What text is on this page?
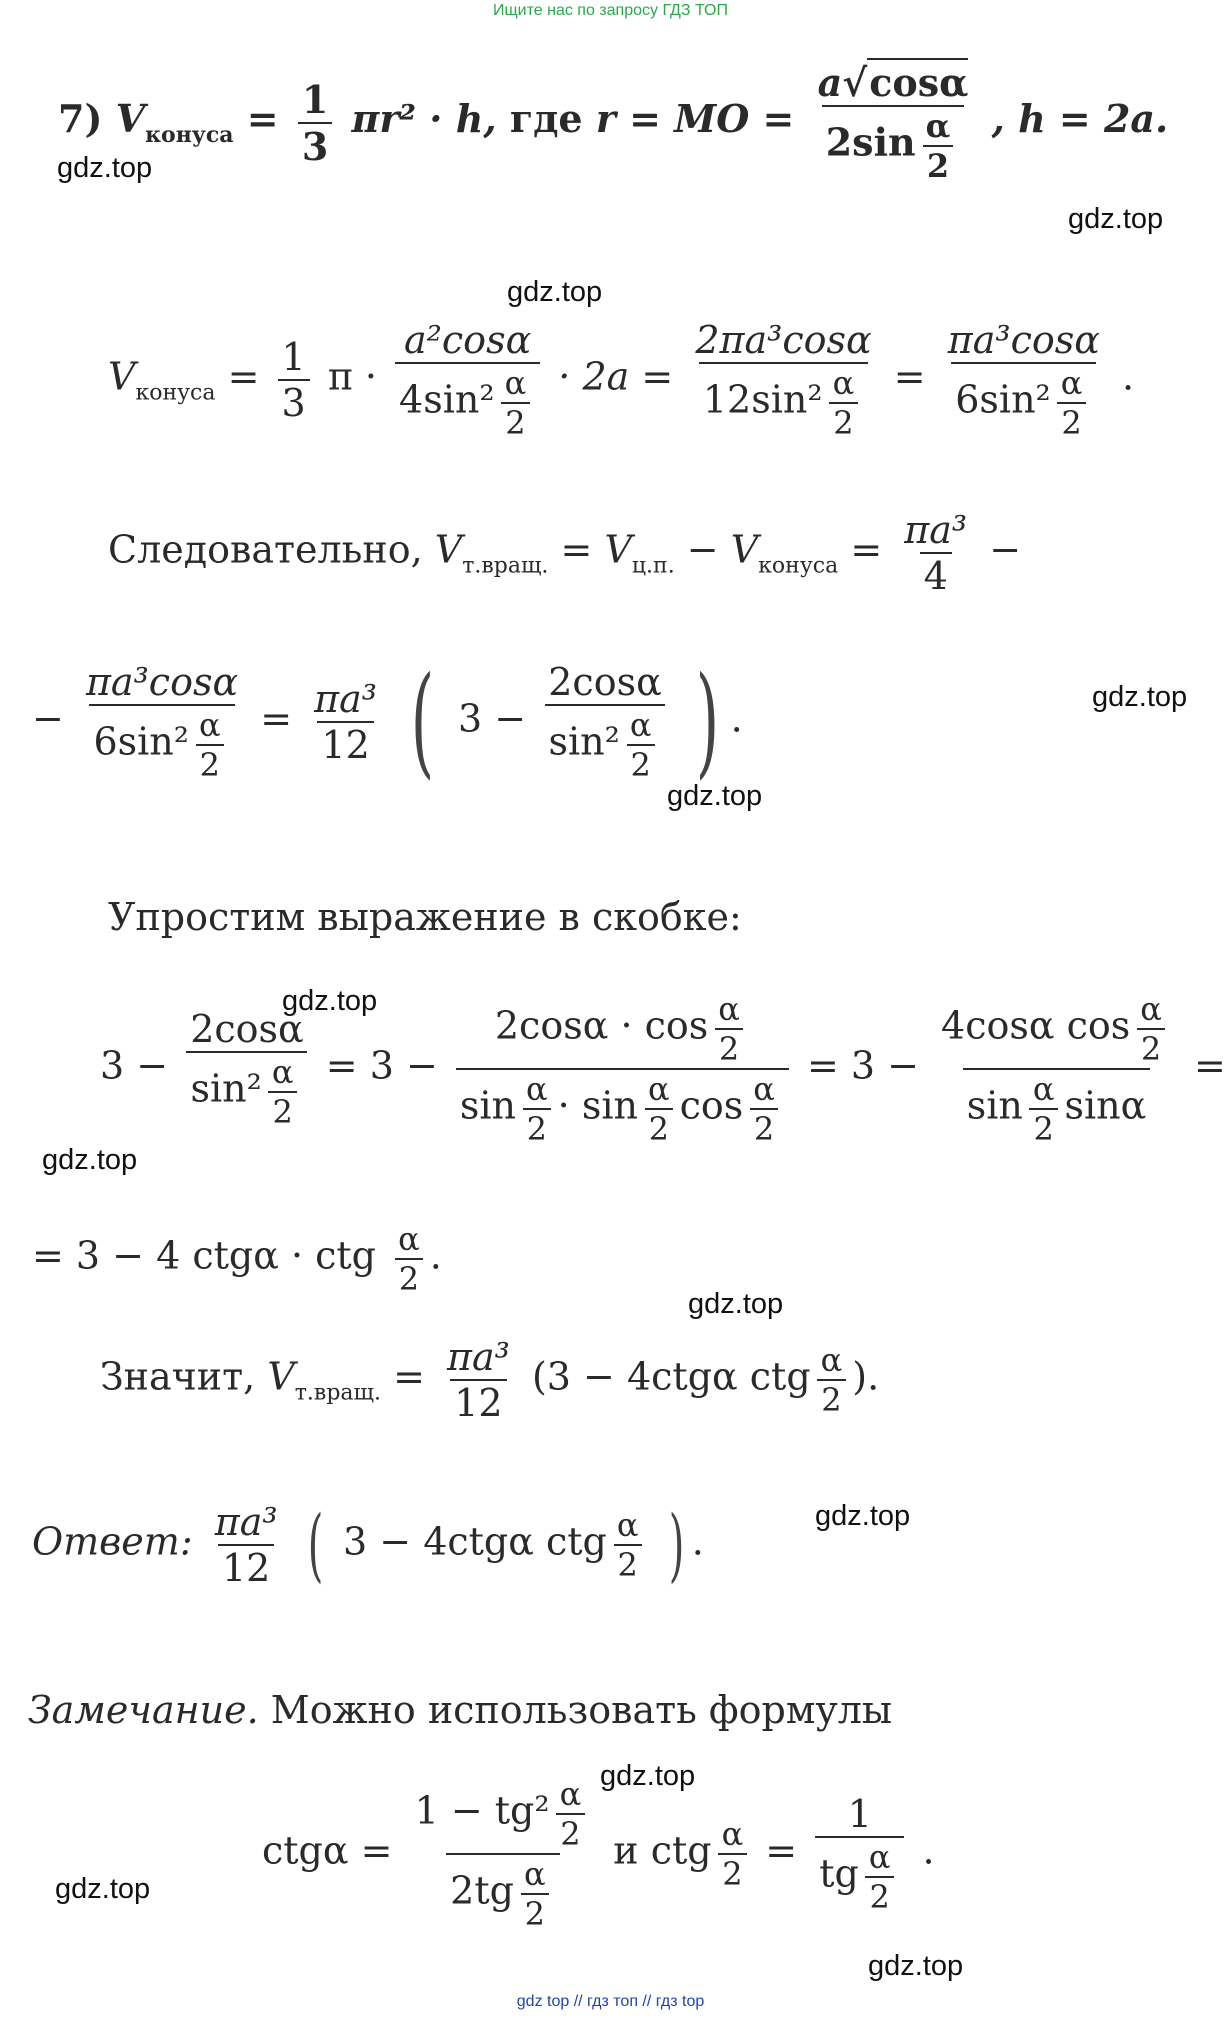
Ищите нас по запросу ГДЗ ТОП
gdz.top
gdz.top
gdz.top
gdz.top
gdz.top
gdz.top
gdz.top
gdz.top
gdz.top
gdz.top
gdz.top
gdz.top
7) $V_{конуса} = \frac{1}{3} \pi r^2 \cdot h$, где r = MO = $\frac{a√\cos\alpha}{2\sin \frac{\alpha}{2}}$ , h = 2a.
$V_{конуса} = \frac{1}{3}$ $\pi \cdot \frac{\text{a²cosα}}{4\sin^2 \frac{\alpha}{2}} \cdot 2a = \frac{\text{2πa³cosα}}{12\sin^2 \frac{\alpha}{2}} = \frac{\text{πa³cosα}}{6\sin^2 \frac{\alpha}{2}}$ .
Следовательно, $V_{т.вращ.} = V_{ц.п.} - V_{конуса} = \frac{\text{πa³}}{4}$ −
− $\frac{\text{πa³cosα}}{6\sin^2 \frac{\alpha}{2}} = \frac{\text{πa³}}{12}$ ( $3 - \frac{2\cos\alpha}{\sin^2 \frac{\alpha}{2}}$ ) .
Упростим выражение в скобке:
$3 - \frac{2\cos\alpha}{\sin^2 \frac{\alpha}{2}} = 3 - \frac{2\cos\alpha \cdot \cos \frac{\alpha}{2}}{\sin \frac{\alpha}{2} \cdot \sin \frac{\alpha}{2} \cos \frac{\alpha}{2}} = 3 - \frac{4\cos\alpha \cos \frac{\alpha}{2}}{\sin \frac{\alpha}{2} \sin\alpha}$ =
= 3 − 4 ctgα · ctg $\frac{\alpha}{2}$ .
Значит, $V_{т.вращ.} = \frac{\text{πa³}}{12} (3 - 4ctg\alpha$ ctg $\frac{\alpha}{2}$ ).
Ответ: $\frac{\text{πa³}}{12}$ ( 3 − 4ctgα ctg $\frac{\alpha}{2}$ ) .
Замечание. Можно использовать формулы
$ctg\alpha = \frac{1 - tg^2 \frac{\alpha}{2}}{2tg \frac{\alpha}{2}}$ и ctg $\frac{\alpha}{2} = \frac{1}{tg \frac{\alpha}{2}}$ .
gdz top // гдз топ // гдз top
